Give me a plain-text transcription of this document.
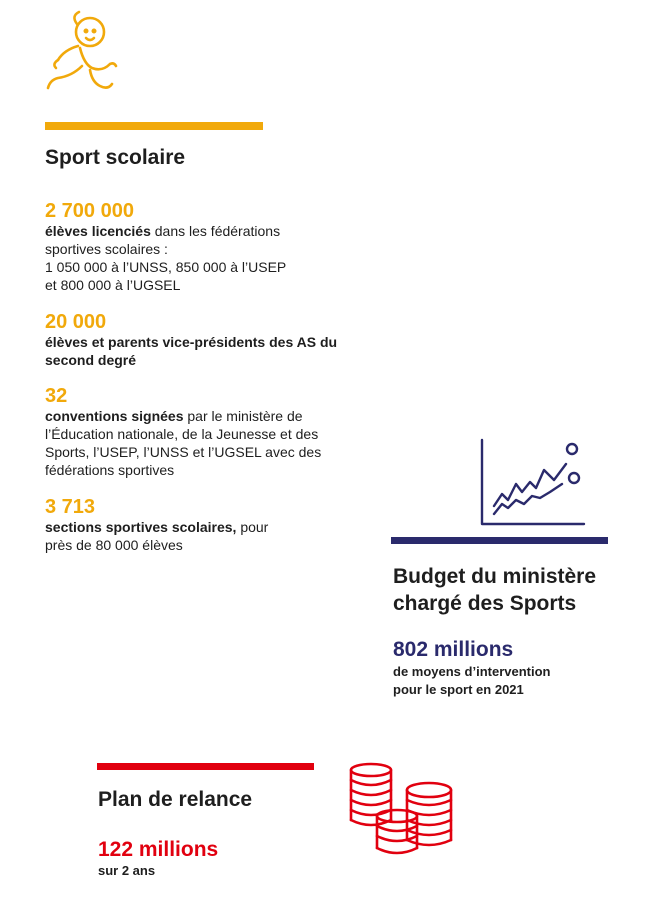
Sport scolaire
2 700 000
élèves licenciés dans les fédérations sportives scolaires :
1 050 000 à l’UNSS, 850 000 à l’USEP
et 800 000 à l’UGSEL
20 000
élèves et parents vice-présidents des AS du second degré
32
conventions signées par le ministère de l’Éducation nationale, de la Jeunesse et des Sports, l’USEP, l’UNSS et l’UGSEL avec des fédérations sportives
3 713
sections sportives scolaires, pour près de 80 000 élèves
Budget du ministère
chargé des Sports
802 millions
de moyens d’intervention
pour le sport en 2021
Plan de relance
122 millions
sur 2 ans
